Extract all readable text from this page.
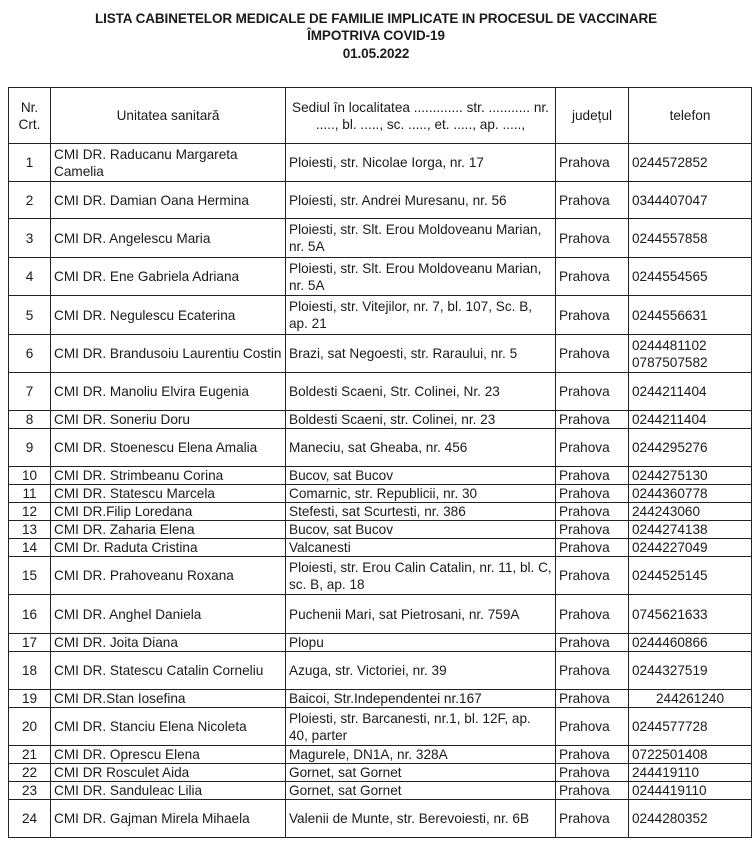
LISTA CABINETELOR MEDICALE DE FAMILIE IMPLICATE IN PROCESUL DE VACCINARE
ÎMPOTRIVA COVID-19
01.05.2022
Nr. Crt.	Unitatea sanitară	Sediul în localitatea ............. str. ........... nr. ....., bl. ....., sc. ....., et. ....., ap. .....,	județul	telefon
1	CMI DR. Raducanu Margareta Camelia	Ploiesti, str. Nicolae Iorga, nr. 17	Prahova	0244572852
2	CMI DR. Damian Oana Hermina	Ploiesti, str. Andrei Muresanu, nr. 56	Prahova	0344407047
3	CMI DR. Angelescu Maria	Ploiesti, str. Slt. Erou Moldoveanu Marian, nr. 5A	Prahova	0244557858
4	CMI DR. Ene Gabriela Adriana	Ploiesti, str. Slt. Erou Moldoveanu Marian, nr. 5A	Prahova	0244554565
5	CMI DR. Negulescu Ecaterina	Ploiesti, str. Vitejilor, nr. 7, bl. 107, Sc. B, ap. 21	Prahova	0244556631
6	CMI DR. Brandusoiu Laurentiu Costin	Brazi, sat Negoesti, str. Raraului, nr. 5	Prahova	0244481102
0787507582

7	CMI DR. Manoliu Elvira Eugenia	Boldesti Scaeni, Str. Colinei, Nr. 23	Prahova	0244211404
8	CMI DR. Soneriu Doru	Boldesti Scaeni, str. Colinei, nr. 23	Prahova	0244211404
9	CMI DR. Stoenescu Elena Amalia	Maneciu, sat Gheaba, nr. 456	Prahova	0244295276
10	CMI DR. Strimbeanu Corina	Bucov, sat Bucov	Prahova	0244275130
11	CMI DR. Statescu Marcela	Comarnic, str. Republicii, nr. 30	Prahova	0244360778
12	CMI DR.Filip Loredana	Stefesti, sat Scurtesti, nr. 386	Prahova	244243060
13	CMI DR. Zaharia Elena	Bucov, sat Bucov	Prahova	0244274138
14	CMI Dr. Raduta Cristina	Valcanesti	Prahova	0244227049
15	CMI DR. Prahoveanu Roxana	Ploiesti, str. Erou Calin Catalin, nr. 11, bl. C, sc. B, ap. 18	Prahova	0244525145
16	CMI DR. Anghel Daniela	Puchenii Mari, sat Pietrosani, nr. 759A	Prahova	0745621633
17	CMI DR. Joita Diana	Plopu	Prahova	0244460866
18	CMI DR. Statescu Catalin Corneliu	Azuga, str. Victoriei, nr. 39	Prahova	0244327519
19	CMI DR.Stan Iosefina	Baicoi, Str.Independentei nr.167	Prahova	244261240
20	CMI DR. Stanciu Elena Nicoleta	Ploiesti, str. Barcanesti, nr.1, bl. 12F, ap. 40, parter	Prahova	0244577728
21	CMI DR. Oprescu Elena	Magurele, DN1A, nr. 328A	Prahova	0722501408
22	CMI DR Rosculet Aida	Gornet, sat Gornet	Prahova	244419110
23	CMI DR. Sanduleac Lilia	Gornet, sat Gornet	Prahova	0244419110
24	CMI DR. Gajman Mirela Mihaela	Valenii de Munte, str. Berevoiesti, nr. 6B	Prahova	0244280352
